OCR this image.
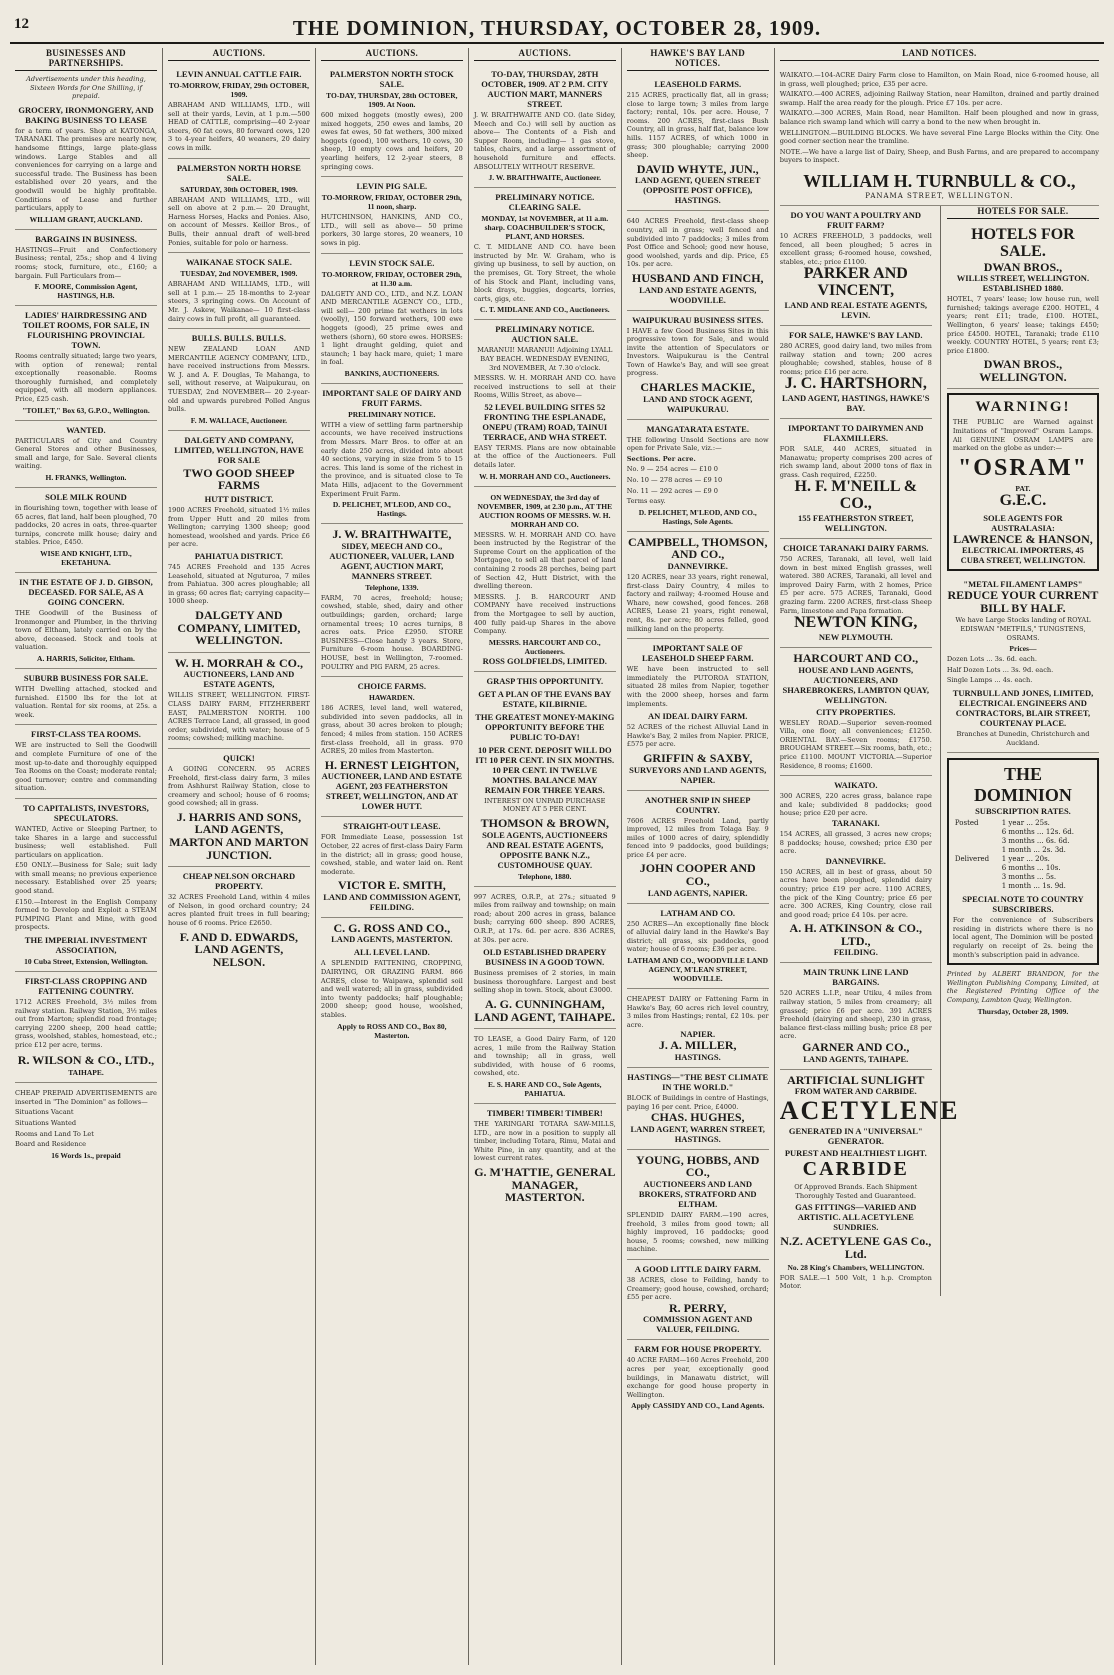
12	THE DOMINION, THURSDAY, OCTOBER 28, 1909.
BUSINESSES AND PARTNERSHIPS.
Advertisements under this heading, Sixteen Words for One Shilling, if prepaid.
GROCERY, IRONMONGERY, AND BAKING BUSINESS TO LEASE
for a term of years. Shop at KATONGA, TARANAKI. The premises are nearly new, handsome fittings, large plate-glass windows. Large Stables and all conveniences for carrying on a large and successful trade. The Business has been established over 20 years, and the goodwill would be highly profitable. Conditions of Lease and further particulars, apply to
WILLIAM GRANT, AUCKLAND.
BARGAINS IN BUSINESS.
HASTINGS—Fruit and Confectionery Business; rental, 25s.; shop and 4 living rooms; stock, furniture, etc., £160; a bargain. Full Particulars from—
F. MOORE, Commission Agent, HASTINGS, H.B.
LADIES' HAIRDRESSING AND TOILET ROOMS, FOR SALE, IN FLOURISHING PROVINCIAL TOWN.
Rooms centrally situated; large two years, with option of renewal; rental exceptionally reasonable. Rooms thoroughly furnished, and completely equipped, with all modern appliances. Price, £25 cash.
"TOILET," Box 63, G.P.O., Wellington.
WANTED.
PARTICULARS of City and Country General Stores and other Businesses, small and large, for Sale. Several clients waiting.
H. FRANKS, Wellington.
SOLE MILK ROUND
in flourishing town, together with lease of 65 acres, flat land, half been ploughed, 70 paddocks, 20 acres in oats, three-quarter turnips, concrete milk house; dairy and stables. Price, £450.
WISE AND KNIGHT, LTD., EKETAHUNA.
IN THE ESTATE OF J. D. GIBSON, DECEASED. FOR SALE, AS A GOING CONCERN.
THE Goodwill of the Business of Ironmonger and Plumber, in the thriving town of Eltham, lately carried on by the above, deceased. Stock and tools at valuation.
A. HARRIS, Solicitor, Eltham.
SUBURB BUSINESS FOR SALE.
WITH Dwelling attached, stocked and furnished. £1500 lbs for the lot at valuation. Rental for six rooms, at 25s. a week.
FIRST-CLASS TEA ROOMS.
WE are instructed to Sell the Goodwill and complete Furniture of one of the most up-to-date and thoroughly equipped Tea Rooms on the Coast; moderate rental; good turnover; centre and commanding situation.
TO CAPITALISTS, INVESTORS, SPECULATORS.
WANTED, Active or Sleeping Partner, to take Shares in a large and successful business; well established. Full particulars on application.
£50 ONLY.—Business for Sale; suit lady with small means; no previous experience necessary. Established over 25 years; good stand.
£150.—Interest in the English Company formed to Develop and Exploit a STEAM PUMPING Plant and Mine, with good prospects.
THE IMPERIAL INVESTMENT ASSOCIATION,
10 Cuba Street, Extension, Wellington.
FIRST-CLASS CROPPING AND FATTENING COUNTRY.
1712 ACRES Freehold, 3½ miles from railway station. Railway Station, 3½ miles out from Marton; splendid road frontage; carrying 2200 sheep, 200 head cattle; grass, woolshed, stables, homestead, etc.; price £12 per acre, terms.
R. WILSON & CO., LTD.,
TAIHAPE.
CHEAP PREPAID ADVERTISEMENTS are inserted in "The Dominion" as follows—
Situations Vacant
Situations Wanted
Rooms and Land To Let
Board and Residence
16 Words 1s., prepaid
AUCTIONS.
LEVIN ANNUAL CATTLE FAIR.
TO-MORROW, FRIDAY, 29th OCTOBER, 1909.
ABRAHAM AND WILLIAMS, LTD., will sell at their yards, Levin, at 1 p.m.—500 HEAD of CATTLE, comprising—40 2-year steers, 60 fat cows, 80 forward cows, 120 3 to 4-year heifers, 40 weaners, 20 dairy cows in milk.
PALMERSTON NORTH HORSE SALE.
SATURDAY, 30th OCTOBER, 1909.
ABRAHAM AND WILLIAMS, LTD., will sell on above at 2 p.m.— 20 Draught, Harness Horses, Hacks and Ponies. Also, on account of Messrs. Keillor Bros., of Bulls, their annual draft of well-bred Ponies, suitable for polo or harness.
WAIKANAE STOCK SALE.
TUESDAY, 2nd NOVEMBER, 1909.
ABRAHAM AND WILLIAMS, LTD., will sell at 1 p.m.— 25 18-months to 2-year steers, 3 springing cows. On Account of Mr. J. Askew, Waikanae— 10 first-class dairy cows in full profit, all guaranteed.
BULLS. BULLS. BULLS.
NEW ZEALAND LOAN AND MERCANTILE AGENCY COMPANY, LTD., have received instructions from Messrs. W. J. and A. F. Douglas, Te Mahanga, to sell, without reserve, at Waipukurau, on TUESDAY, 2nd NOVEMBER— 20 2-year-old and upwards purebred Polled Angus bulls.
F. M. WALLACE, Auctioneer.
DALGETY AND COMPANY, LIMITED, WELLINGTON, HAVE FOR SALE
TWO GOOD SHEEP FARMS
HUTT DISTRICT.
1900 ACRES Freehold, situated 1½ miles from Upper Hutt and 20 miles from Wellington; carrying 1300 sheep; good homestead, woolshed and yards. Price £6 per acre.
PAHIATUA DISTRICT.
745 ACRES Freehold and 135 Acres Leasehold, situated at Nguturoa, 7 miles from Pahiatua. 300 acres ploughable; all in grass; 60 acres flat; carrying capacity—1000 sheep.
DALGETY AND COMPANY, LIMITED, WELLINGTON.
W. H. MORRAH & CO.,
AUCTIONEERS, LAND AND ESTATE AGENTS,
WILLIS STREET, WELLINGTON. FIRST-CLASS DAIRY FARM, FITZHERBERT EAST, PALMERSTON NORTH. 100 ACRES Terrace Land, all grassed, in good order, subdivided, with water; house of 5 rooms; cowshed; milking machine.
QUICK!
A GOING CONCERN. 95 ACRES Freehold, first-class dairy farm, 3 miles from Ashhurst Railway Station, close to creamery and school; house of 6 rooms; good cowshed; all in grass.
J. HARRIS AND SONS, LAND AGENTS, MARTON AND MARTON JUNCTION.
CHEAP NELSON ORCHARD PROPERTY.
32 ACRES Freehold Land, within 4 miles of Nelson, in good orchard country; 24 acres planted fruit trees in full bearing; house of 6 rooms. Price £2650.
F. AND D. EDWARDS, LAND AGENTS, NELSON.
AUCTIONS.
PALMERSTON NORTH STOCK SALE.
TO-DAY, THURSDAY, 28th OCTOBER, 1909. At Noon.
600 mixed hoggets (mostly ewes), 200 mixed hoggets, 250 ewes and lambs, 20 ewes fat ewes, 50 fat wethers, 300 mixed hoggets (good), 100 wethers, 10 cows, 30 sheep, 10 empty cows and heifers, 20 yearling heifers, 12 2-year steers, 8 springing cows.
LEVIN PIG SALE.
TO-MORROW, FRIDAY, OCTOBER 29th, 11 noon, sharp.
HUTCHINSON, HANKINS, AND CO., LTD., will sell as above— 50 prime porkers, 30 large stores, 20 weaners, 10 sows in pig.
LEVIN STOCK SALE.
TO-MORROW, FRIDAY, OCTOBER 29th, at 11.30 a.m.
DALGETY AND CO., LTD., and N.Z. LOAN AND MERCANTILE AGENCY CO., LTD., will sell— 200 prime fat wethers in lots (woolly), 150 forward wethers, 100 ewe hoggets (good), 25 prime ewes and wethers (shorn), 60 store ewes. HORSES: 1 light draught gelding, quiet and staunch; 1 bay hack mare, quiet; 1 mare in foal.
BANKINS, AUCTIONEERS.
IMPORTANT SALE OF DAIRY AND FRUIT FARMS.
PRELIMINARY NOTICE.
WITH a view of settling farm partnership accounts, we have received instructions from Messrs. Marr Bros. to offer at an early date 250 acres, divided into about 40 sections, varying in size from 5 to 15 acres. This land is some of the richest in the province, and is situated close to Te Mata Hills, adjacent to the Government Experiment Fruit Farm.
D. PELICHET, M'LEOD, AND CO., Hastings.
J. W. BRAITHWAITE,
SIDEY, MEECH AND CO., AUCTIONEER, VALUER, LAND AGENT, AUCTION MART, MANNERS STREET.
Telephone, 1339.
FARM, 70 acres, freehold; house; cowshed, stable, shed, dairy and other outbuildings; garden, orchard; large ornamental trees; 10 acres turnips, 8 acres oats. Price £2950. STORE BUSINESS—Close handy 3 years. Store, Furniture 6-room house. BOARDING-HOUSE, best in Wellington, 7-roomed. POULTRY and PIG FARM, 25 acres.
CHOICE FARMS.
HAWARDEN.
186 ACRES, level land, well watered, subdivided into seven paddocks, all in grass, about 30 acres broken to plough; fenced; 4 miles from station. 150 ACRES first-class freehold, all in grass. 970 ACRES, 20 miles from Masterton.
H. ERNEST LEIGHTON,
AUCTIONEER, LAND AND ESTATE AGENT, 203 FEATHERSTON STREET, WELLINGTON, AND AT LOWER HUTT.
STRAIGHT-OUT LEASE.
FOR Immediate Lease, possession 1st October, 22 acres of first-class Dairy Farm in the district; all in grass; good house, cowshed, stable, and water laid on. Rent moderate.
VICTOR E. SMITH,
LAND AND COMMISSION AGENT, FEILDING.
C. G. ROSS AND CO.,
LAND AGENTS, MASTERTON.
ALL LEVEL LAND.
A SPLENDID FATTENING, CROPPING, DAIRYING, OR GRAZING FARM. 866 ACRES, close to Waipawa, splendid soil and well watered; all in grass, subdivided into twenty paddocks; half ploughable; 2000 sheep; good house, woolshed, stables.
Apply to ROSS AND CO., Box 80, Masterton.
AUCTIONS.
TO-DAY, THURSDAY, 28TH OCTOBER, 1909. AT 2 P.M. CITY AUCTION MART, MANNERS STREET.
J. W. BRAITHWAITE AND CO. (late Sidey, Meech and Co.) will sell by auction as above— The Contents of a Fish and Supper Room, including— 1 gas stove, tables, chairs, and a large assortment of household furniture and effects. ABSOLUTELY WITHOUT RESERVE.
J. W. BRAITHWAITE, Auctioneer.
PRELIMINARY NOTICE.
CLEARING SALE.
MONDAY, 1st NOVEMBER, at 11 a.m. sharp. COACHBUILDER'S STOCK, PLANT, AND HORSES.
C. T. MIDLANE AND CO. have been instructed by Mr. W. Graham, who is giving up business, to sell by auction, on the premises, Gt. Tory Street, the whole of his Stock and Plant, including vans, block drays, buggies, dogcarts, lorries, carts, gigs, etc.
C. T. MIDLANE AND CO., Auctioneers.
PRELIMINARY NOTICE.
AUCTION SALE.
MARANUI! MARANUI! Adjoining LYALL BAY BEACH. WEDNESDAY EVENING, 3rd NOVEMBER, At 7.30 o'clock.
MESSRS. W. H. MORRAH AND CO. have received instructions to sell at their Rooms, Willis Street, as above—
52 LEVEL BUILDING SITES 52 FRONTING THE ESPLANADE, ONEPU (TRAM) ROAD, TAINUI TERRACE, AND WHA STREET.
EASY TERMS. Plans are now obtainable at the office of the Auctioneers. Full details later.
W. H. MORRAH AND CO., Auctioneers.
ON WEDNESDAY, the 3rd day of NOVEMBER, 1909, at 2.30 p.m., AT THE AUCTION ROOMS OF MESSRS. W. H. MORRAH AND CO.
MESSRS. W. H. MORRAH AND CO. have been instructed by the Registrar of the Supreme Court on the application of the Mortgagee, to sell all that parcel of land containing 2 roods 28 perches, being part of Section 42, Hutt District, with the dwelling thereon.
MESSRS. J. B. HARCOURT AND COMPANY have received instructions from the Mortgagee to sell by auction, 400 fully paid-up Shares in the above Company.
MESSRS. HARCOURT AND CO., Auctioneers.
ROSS GOLDFIELDS, LIMITED.
GRASP THIS OPPORTUNITY.
GET A PLAN OF THE EVANS BAY ESTATE, KILBIRNIE.
THE GREATEST MONEY-MAKING OPPORTUNITY BEFORE THE PUBLIC TO-DAY!
10 PER CENT. DEPOSIT WILL DO IT! 10 PER CENT. IN SIX MONTHS. 10 PER CENT. IN TWELVE MONTHS. BALANCE MAY REMAIN FOR THREE YEARS.
INTEREST ON UNPAID PURCHASE MONEY AT 5 PER CENT.
THOMSON & BROWN,
SOLE AGENTS, AUCTIONEERS AND REAL ESTATE AGENTS, OPPOSITE BANK N.Z., CUSTOMHOUSE QUAY.
Telephone, 1880.
997 ACRES, O.R.P., at 27s.; situated 9 miles from railway and township; on main road; about 200 acres in grass, balance bush; carrying 600 sheep. 890 ACRES, O.R.P., at 17s. 6d. per acre. 836 ACRES, at 30s. per acre.
OLD ESTABLISHED DRAPERY BUSINESS IN A GOOD TOWN.
Business premises of 2 stories, in main business thoroughfare. Largest and best selling shop in town. Stock, about £3000.
A. G. CUNNINGHAM, LAND AGENT, TAIHAPE.
TO LEASE, a Good Dairy Farm, of 120 acres, 1 mile from the Railway Station and township; all in grass, well subdivided, with house of 6 rooms, cowshed, etc.
E. S. HARE AND CO., Sole Agents, PAHIATUA.
TIMBER! TIMBER! TIMBER!
THE YARINGARI TOTARA SAW-MILLS, LTD., are now in a position to supply all timber, including Totara, Rimu, Matai and White Pine, in any quantity, and at the lowest current rates.
G. M'HATTIE, GENERAL MANAGER, MASTERTON.
HAWKE'S BAY LAND NOTICES.
LEASEHOLD FARMS.
215 ACRES, practically flat, all in grass; close to large town; 3 miles from large factory; rental, 10s. per acre. House, 7 rooms. 200 ACRES, first-class Bush Country, all in grass, half flat, balance low hills. 1157 ACRES, of which 1000 in grass; 300 ploughable; carrying 2000 sheep.
DAVID WHYTE, JUN.,
LAND AGENT, QUEEN STREET (OPPOSITE POST OFFICE), HASTINGS.
640 ACRES Freehold, first-class sheep country, all in grass; well fenced and subdivided into 7 paddocks; 3 miles from Post Office and School; good new house, good woolshed, yards and dip. Price, £5 10s. per acre.
HUSBAND AND FINCH,
LAND AND ESTATE AGENTS, WOODVILLE.
WAIPUKURAU BUSINESS SITES.
I HAVE a few Good Business Sites in this progressive town for Sale, and would invite the attention of Speculators or Investors. Waipukurau is the Central Town of Hawke's Bay, and will see great progress.
CHARLES MACKIE,
LAND AND STOCK AGENT, WAIPUKURAU.
MANGATARATA ESTATE.
THE following Unsold Sections are now open for Private Sale, viz.:—
Sections. Per acre.
No. 9 — 254 acres — £10 0
No. 10 — 278 acres — £9 10
No. 11 — 292 acres — £9 0
Terms easy.
D. PELICHET, M'LEOD, AND CO., Hastings, Sole Agents.
CAMPBELL, THOMSON, AND CO.,
DANNEVIRKE.
120 ACRES, near 33 years, right renewal, first-class Dairy Country, 4 miles to factory and railway; 4-roomed House and Whare, new cowshed, good fences. 268 ACRES, Lease 21 years, right renewal, rent, 8s. per acre; 80 acres felled, good milking land on the property.
IMPORTANT SALE OF LEASEHOLD SHEEP FARM.
WE have been instructed to sell immediately the PUTOROA STATION, situated 28 miles from Napier, together with the 2000 sheep, horses and farm implements.
AN IDEAL DAIRY FARM.
52 ACRES of the richest Alluvial Land in Hawke's Bay, 2 miles from Napier. PRICE, £575 per acre.
GRIFFIN & SAXBY,
SURVEYORS AND LAND AGENTS, NAPIER.
ANOTHER SNIP IN SHEEP COUNTRY.
7606 ACRES Freehold Land, partly improved, 12 miles from Tolaga Bay. 9 miles of 1000 acres of dairy, splendidly fenced into 9 paddocks, good buildings; price £4 per acre.
JOHN COOPER AND CO.,
LAND AGENTS, NAPIER.
LATHAM AND CO.
250 ACRES—An exceptionally fine block of alluvial dairy land in the Hawke's Bay district; all grass, six paddocks, good water; house of 6 rooms; £36 per acre.
LATHAM AND CO., WOODVILLE LAND AGENCY, M'LEAN STREET, WOODVILLE.
CHEAPEST DAIRY or Fattening Farm in Hawke's Bay, 60 acres rich level country, 3 miles from Hastings; rental, £2 10s. per acre.
NAPIER.
J. A. MILLER,
HASTINGS.
HASTINGS—"THE BEST CLIMATE IN THE WORLD."
BLOCK of Buildings in centre of Hastings, paying 16 per cent. Price, £4000.
CHAS. HUGHES,
LAND AGENT, WARREN STREET, HASTINGS.
YOUNG, HOBBS, AND CO.,
AUCTIONEERS AND LAND BROKERS, STRATFORD AND ELTHAM.
SPLENDID DAIRY FARM.—190 acres, freehold, 3 miles from good town; all highly improved, 16 paddocks; good house, 5 rooms; cowshed, new milking machine.
A GOOD LITTLE DAIRY FARM.
38 ACRES, close to Feilding, handy to Creamery; good house, cowshed, orchard; £55 per acre.
R. PERRY,
COMMISSION AGENT AND VALUER, FEILDING.
FARM FOR HOUSE PROPERTY.
40 ACRE FARM—160 Acres Freehold, 200 acres per year, exceptionally good buildings, in Manawatu district, will exchange for good house property in Wellington.
Apply CASSIDY AND CO., Land Agents.
LAND NOTICES.
WAIKATO.—104-ACRE Dairy Farm close to Hamilton, on Main Road, nice 6-roomed house, all in grass, well ploughed; price, £35 per acre.
WAIKATO.—400 ACRES, adjoining Railway Station, near Hamilton, drained and partly drained swamp. Half the area ready for the plough. Price £7 10s. per acre.
WAIKATO.—300 ACRES, Main Road, near Hamilton. Half been ploughed and now in grass, balance rich swamp land which will carry a bond to the new when brought in.
WELLINGTON.—BUILDING BLOCKS. We have several Fine Large Blocks within the City. One good corner section near the tramline.
NOTE.—We have a large list of Dairy, Sheep, and Bush Farms, and are prepared to accompany buyers to inspect.
WILLIAM H. TURNBULL & CO.,
PANAMA STREET, WELLINGTON.
DO YOU WANT A POULTRY AND FRUIT FARM?
10 ACRES FREEHOLD, 3 paddocks, well fenced, all been ploughed; 5 acres in excellent grass; 6-roomed house, cowshed, stables, etc.; price £1100.
PARKER AND VINCENT,
LAND AND REAL ESTATE AGENTS, LEVIN.
FOR SALE, HAWKE'S BAY LAND.
280 ACRES, good dairy land, two miles from railway station and town; 200 acres ploughable; cowshed, stables, house of 8 rooms; price £16 per acre.
J. C. HARTSHORN,
LAND AGENT, HASTINGS, HAWKE'S BAY.
IMPORTANT TO DAIRYMEN AND FLAXMILLERS.
FOR SALE, 440 ACRES, situated in Manawatu; property comprises 200 acres of rich swamp land, about 2000 tons of flax in grass. Cash required, £2250.
H. F. M'NEILL & CO.,
155 FEATHERSTON STREET, WELLINGTON.
CHOICE TARANAKI DAIRY FARMS.
750 ACRES, Taranaki, all level, well laid down in best mixed English grasses, well watered. 380 ACRES, Taranaki, all level and improved Dairy Farm, with 2 homes, Price £5 per acre. 575 ACRES, Taranaki, Good grazing farm. 2200 ACRES, first-class Sheep Farm, limestone and Papa formation.
NEWTON KING,
NEW PLYMOUTH.
HARCOURT AND CO.,
HOUSE AND LAND AGENTS, AUCTIONEERS, AND SHAREBROKERS, LAMBTON QUAY, WELLINGTON.
CITY PROPERTIES.
WESLEY ROAD.—Superior seven-roomed Villa, one floor, all conveniences; £1250. ORIENTAL BAY.—Seven rooms; £1750. BROUGHAM STREET.—Six rooms, bath, etc.; price £1100. MOUNT VICTORIA.—Superior Residence, 8 rooms; £1600.
WAIKATO.
300 ACRES, 220 acres grass, balance rape and kale; subdivided 8 paddocks; good house; price £20 per acre.
TARANAKI.
154 ACRES, all grassed, 3 acres new crops; 8 paddocks; house, cowshed; price £30 per acre.
DANNEVIRKE.
150 ACRES, all in best of grass, about 50 acres have been ploughed, splendid dairy country; price £19 per acre. 1100 ACRES, the pick of the King Country; price £6 per acre. 300 ACRES, King Country, close rail and good road; price £4 10s. per acre.
A. H. ATKINSON & CO., LTD.,
FEILDING.
MAIN TRUNK LINE LAND BARGAINS.
520 ACRES L.I.P., near Utiku, 4 miles from railway station, 5 miles from creamery; all grassed; price £6 per acre. 391 ACRES Freehold (dairying and sheep), 230 in grass, balance first-class milling bush; price £8 per acre.
GARNER AND CO.,
LAND AGENTS, TAIHAPE.
ARTIFICIAL SUNLIGHT
FROM WATER AND CARBIDE.
ACETYLENE
GENERATED IN A "UNIVERSAL" GENERATOR.
PUREST AND HEALTHIEST LIGHT.
CARBIDE
Of Approved Brands. Each Shipment Thoroughly Tested and Guaranteed.
GAS FITTINGS—VARIED AND ARTISTIC. ALL ACETYLENE SUNDRIES.
N.Z. ACETYLENE GAS Co., Ltd.
No. 28 King's Chambers, WELLINGTON.
FOR SALE.—1 500 Volt, 1 h.p. Crompton Motor.
HOTELS FOR SALE.
HOTELS FOR SALE.
DWAN BROS.,
WILLIS STREET, WELLINGTON. ESTABLISHED 1880.
HOTEL, 7 years' lease; low house run, well furnished; takings average £200. HOTEL, 4 years; rent £11; trade, £100. HOTEL, Wellington, 6 years' lease; takings £450; price £4500. HOTEL, Taranaki; trade £110 weekly. COUNTRY HOTEL, 5 years; rent £3; price £1800.
DWAN BROS., WELLINGTON.
WARNING!
THE PUBLIC are Warned against Imitations of "Improved" Osram Lamps. All GENUINE OSRAM LAMPS are marked on the globe as under:—
"OSRAM"
PAT.
G.E.C.
SOLE AGENTS FOR AUSTRALASIA:
LAWRENCE & HANSON,
ELECTRICAL IMPORTERS, 45 CUBA STREET, WELLINGTON.
"METAL FILAMENT LAMPS"
REDUCE YOUR CURRENT BILL BY HALF.
We have Large Stocks landing of ROYAL EDISWAN "METFILS," TUNGSTENS, OSRAMS.
Prices—
Dozen Lots ... 3s. 6d. each.
Half Dozen Lots ... 3s. 9d. each.
Single Lamps ... 4s. each.
TURNBULL AND JONES, LIMITED, ELECTRICAL ENGINEERS AND CONTRACTORS, BLAIR STREET, COURTENAY PLACE.
Branches at Dunedin, Christchurch and Auckland.
THE DOMINION
SUBSCRIPTION RATES.
Posted	1 year ... 25s.
	6 months ... 12s. 6d.
	3 months ... 6s. 6d.
	1 month ... 2s. 3d.
Delivered	1 year ... 20s.
	6 months ... 10s.
	3 months ... 5s.
	1 month ... 1s. 9d.
SPECIAL NOTE TO COUNTRY SUBSCRIBERS.
For the convenience of Subscribers residing in districts where there is no local agent, The Dominion will be posted regularly on receipt of 2s. being the month's subscription paid in advance.
Printed by ALBERT BRANDON, for the Wellington Publishing Company, Limited, at the Registered Printing Office of the Company, Lambton Quay, Wellington.
Thursday, October 28, 1909.
